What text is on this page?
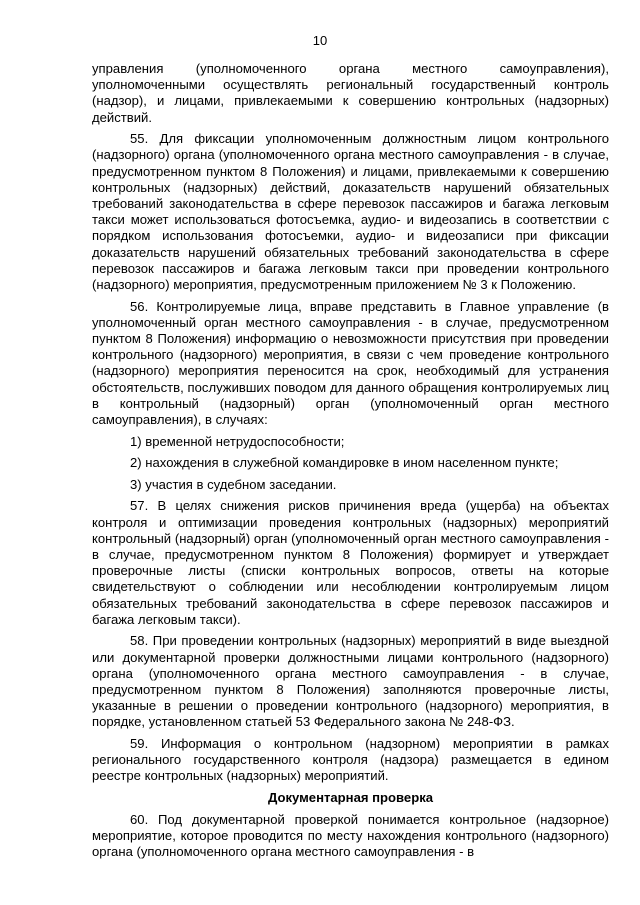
10

управления (уполномоченного органа местного самоуправления), уполномоченными осуществлять региональный государственный контроль (надзор), и лицами, привлекаемыми к совершению контрольных (надзорных) действий.

55. Для фиксации уполномоченным должностным лицом контрольного (надзорного) органа (уполномоченного органа местного самоуправления - в случае, предусмотренном пунктом 8 Положения) и лицами, привлекаемыми к совершению контрольных (надзорных) действий, доказательств нарушений обязательных требований законодательства в сфере перевозок пассажиров и багажа легковым такси может использоваться фотосъемка, аудио- и видеозапись в соответствии с порядком использования фотосъемки, аудио- и видеозаписи при фиксации доказательств нарушений обязательных требований законодательства в сфере перевозок пассажиров и багажа легковым такси при проведении контрольного (надзорного) мероприятия, предусмотренным приложением № 3 к Положению.

56. Контролируемые лица, вправе представить в Главное управление (в уполномоченный орган местного самоуправления - в случае, предусмотренном пунктом 8 Положения) информацию о невозможности присутствия при проведении контрольного (надзорного) мероприятия, в связи с чем проведение контрольного (надзорного) мероприятия переносится на срок, необходимый для устранения обстоятельств, послуживших поводом для данного обращения контролируемых лиц в контрольный (надзорный) орган (уполномоченный орган местного самоуправления), в случаях:

1) временной нетрудоспособности;

2) нахождения в служебной командировке в ином населенном пункте;

3) участия в судебном заседании.

57. В целях снижения рисков причинения вреда (ущерба) на объектах контроля и оптимизации проведения контрольных (надзорных) мероприятий контрольный (надзорный) орган (уполномоченный орган местного самоуправления - в случае, предусмотренном пунктом 8 Положения) формирует и утверждает проверочные листы (списки контрольных вопросов, ответы на которые свидетельствуют о соблюдении или несоблюдении контролируемым лицом обязательных требований законодательства в сфере перевозок пассажиров и багажа легковым такси).

58. При проведении контрольных (надзорных) мероприятий в виде выездной или документарной проверки должностными лицами контрольного (надзорного) органа (уполномоченного органа местного самоуправления - в случае, предусмотренном пунктом 8 Положения) заполняются проверочные листы, указанные в решении о проведении контрольного (надзорного) мероприятия, в порядке, установленном статьей 53 Федерального закона № 248-ФЗ.

59. Информация о контрольном (надзорном) мероприятии в рамках регионального государственного контроля (надзора) размещается в едином реестре контрольных (надзорных) мероприятий.

Документарная проверка

60. Под документарной проверкой понимается контрольное (надзорное) мероприятие, которое проводится по месту нахождения контрольного (надзорного) органа (уполномоченного органа местного самоуправления - в
